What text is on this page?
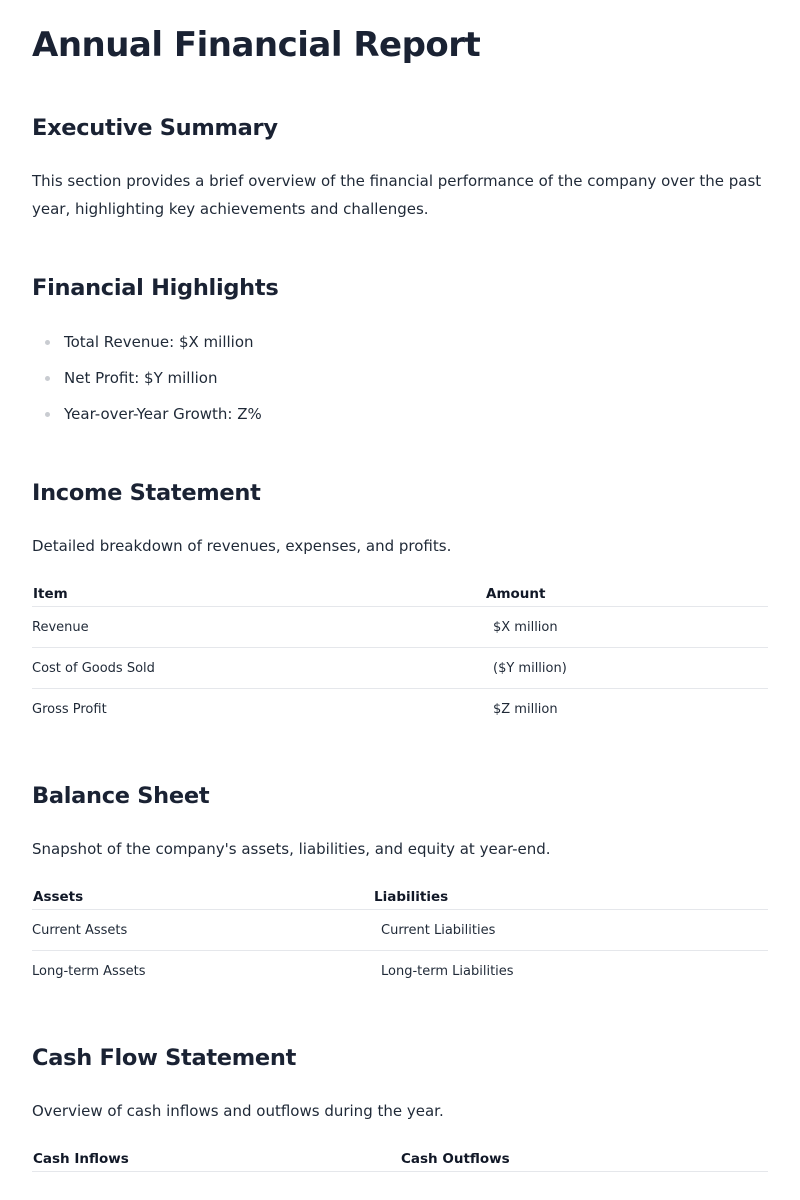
Annual Financial Report
Executive Summary

This section provides a brief overview of the financial performance of the company over the past year, highlighting key achievements and challenges.

Financial Highlights
Total Revenue: $X million
Net Profit: $Y million
Year-over-Year Growth: Z%
Income Statement

Detailed breakdown of revenues, expenses, and profits.

Item	Amount
Revenue	$X million
Cost of Goods Sold	($Y million)
Gross Profit	$Z million
Balance Sheet

Snapshot of the company's assets, liabilities, and equity at year-end.

Assets	Liabilities
Current Assets	Current Liabilities
Long-term Assets	Long-term Liabilities
Cash Flow Statement

Overview of cash inflows and outflows during the year.

Cash Inflows	Cash Outflows
